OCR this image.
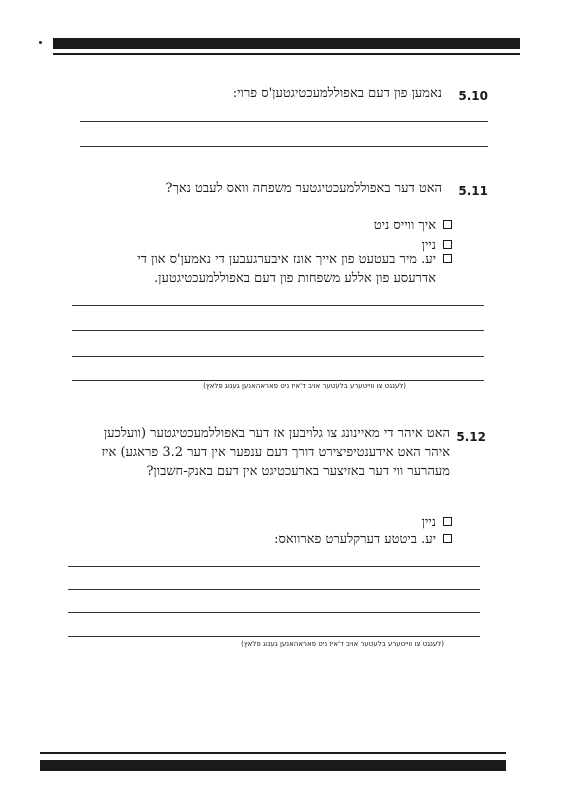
5.10
נאמען פון דעם באפוללמעכטיגטען'ס פרוי:
5.11
האט דער באפוללמעכטיגטער משפחה וואס לעבט נאך?
איך ווייס ניט
ניין
יע. מיר בעטעט פון אייך אונז איבערגעבען די נאמען'ס און די אדרעסע פון אללע משפחות פון דעם באפוללמעכטיגטען.
(לענגט צו ווייטערע בלעטער אויב ד'איז ניט פאראהאנען גענוג פלאץ)
5.12
האט איהר די מאיינונג צו גלויבען אז דער באפוללמעכטיגטער (וועלכען איהר האט אידענטיפיצירט דורך דעם ענפער אין דער 3.2 פראגע) איז מעהרער ווי דער באזיצער בארעכטיגט אין דעם באנק-חשבון?
ניין
יע. ביטטע דערקלערט פארוואס:
(לענגט צו ווייטערע בלעטער אויב ד'איז ניט פאראהאנען גענוג פלאץ)
